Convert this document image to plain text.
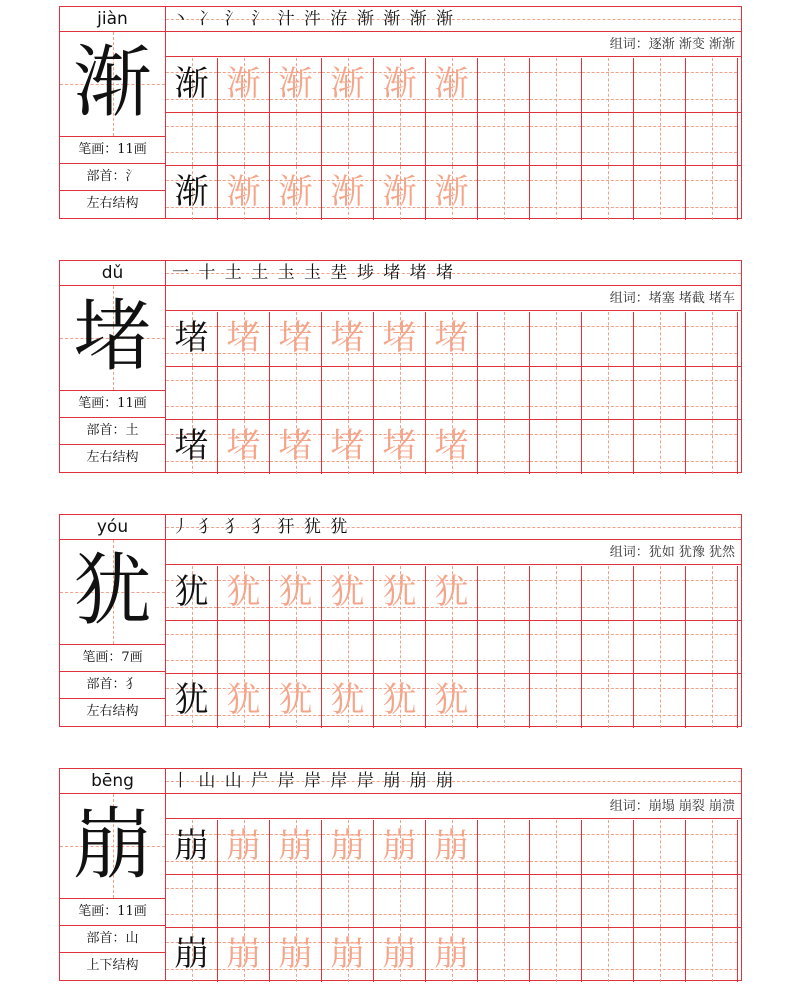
jiàn
渐
笔画：11画
部首：氵
左右结构
丶 冫 氵 氵 汁 汼 洊 渐 渐 渐 渐
组词：逐渐 渐变 渐渐
渐 渐 渐 渐 渐 渐
渐 渐 渐 渐 渐 渐
dǔ
堵
笔画：11画
部首：土
左右结构
一 十 土 土 圡 圡 坓 埗 堵 堵 堵
组词：堵塞 堵截 堵车
堵 堵 堵 堵 堵 堵
堵 堵 堵 堵 堵 堵
yóu
犹
笔画：7画
部首：犭
左右结构
丿 犭 犭 犭 犴 犹 犹
组词：犹如 犹豫 犹然
犹 犹 犹 犹 犹 犹
犹 犹 犹 犹 犹 犹
bēng
崩
笔画：11画
部首：山
上下结构
丨 山 山 屵 岸 岸 岸 岸 崩 崩 崩
组词：崩塌 崩裂 崩溃
崩 崩 崩 崩 崩 崩
崩 崩 崩 崩 崩 崩
